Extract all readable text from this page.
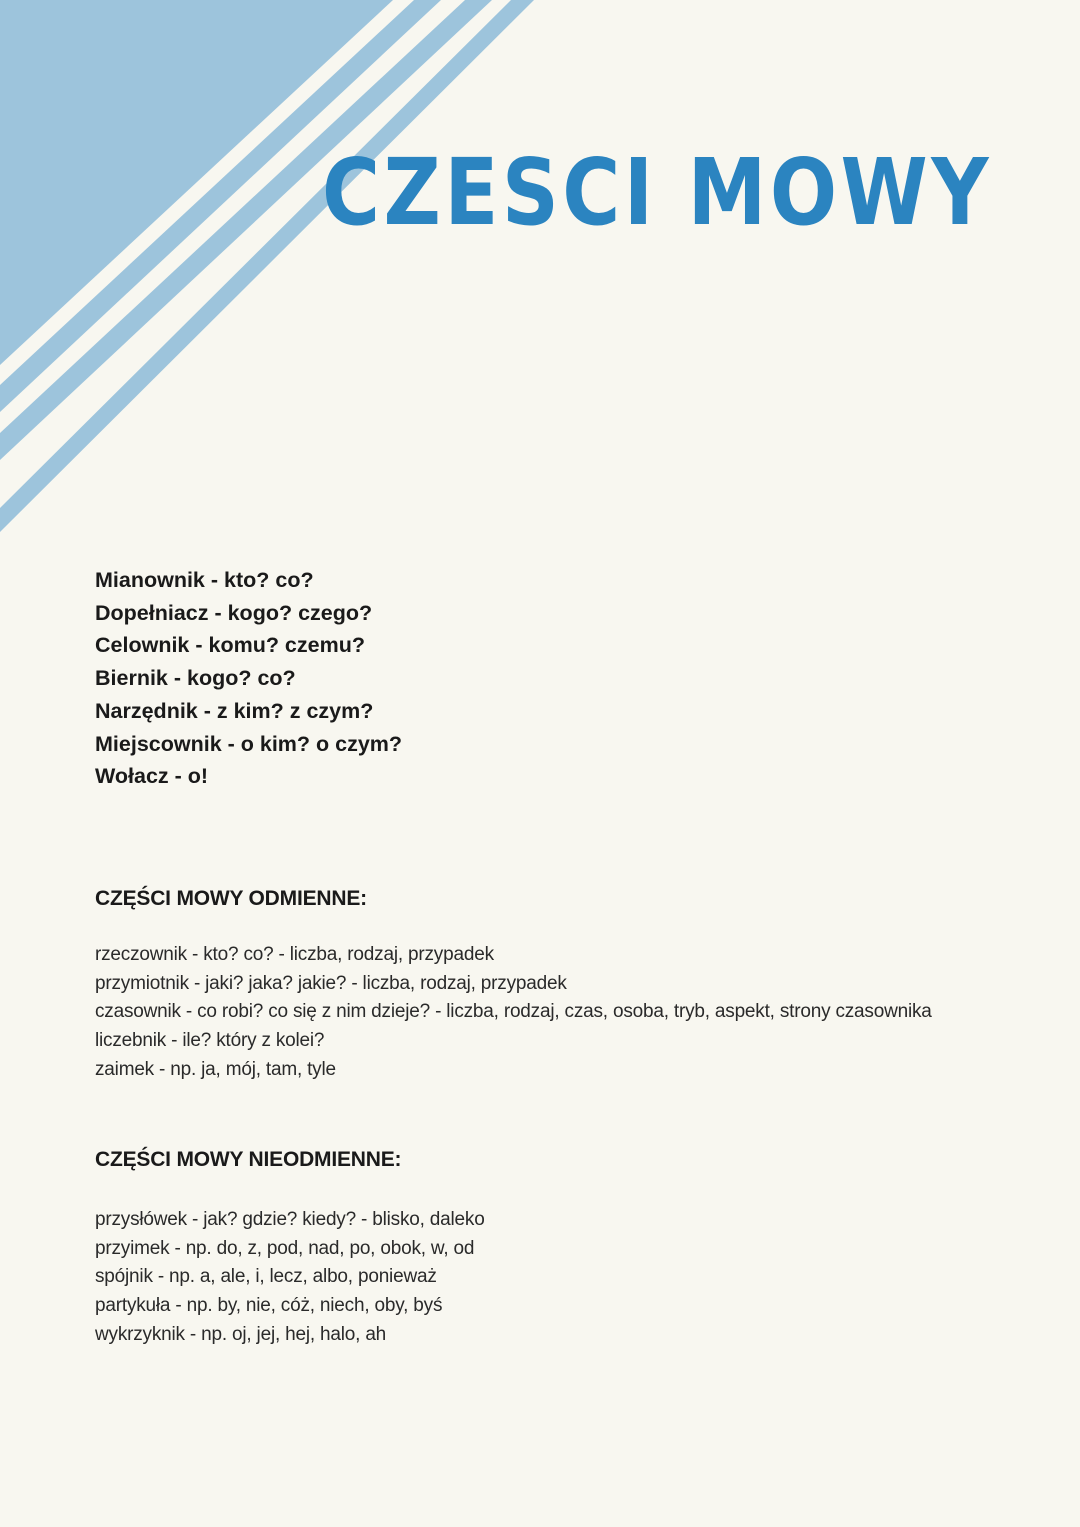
CZESCI MOWY
Mianownik - kto? co?
Dopełniacz - kogo? czego?
Celownik - komu? czemu?
Biernik - kogo? co?
Narzędnik - z kim? z czym?
Miejscownik - o kim? o czym?
Wołacz - o!
CZĘŚCI MOWY ODMIENNE:
rzeczownik - kto? co? - liczba, rodzaj, przypadek
przymiotnik - jaki? jaka? jakie? - liczba, rodzaj, przypadek
czasownik - co robi? co się z nim dzieje? - liczba, rodzaj, czas, osoba, tryb, aspekt, strony czasownika
liczebnik - ile? który z kolei?
zaimek - np. ja, mój, tam, tyle
CZĘŚCI MOWY NIEODMIENNE:
przysłówek - jak? gdzie? kiedy? - blisko, daleko
przyimek - np. do, z, pod, nad, po, obok, w, od
spójnik - np. a, ale, i, lecz, albo, ponieważ
partykuła - np. by, nie, cóż, niech, oby, byś
wykrzyknik - np. oj, jej, hej, halo, ah
